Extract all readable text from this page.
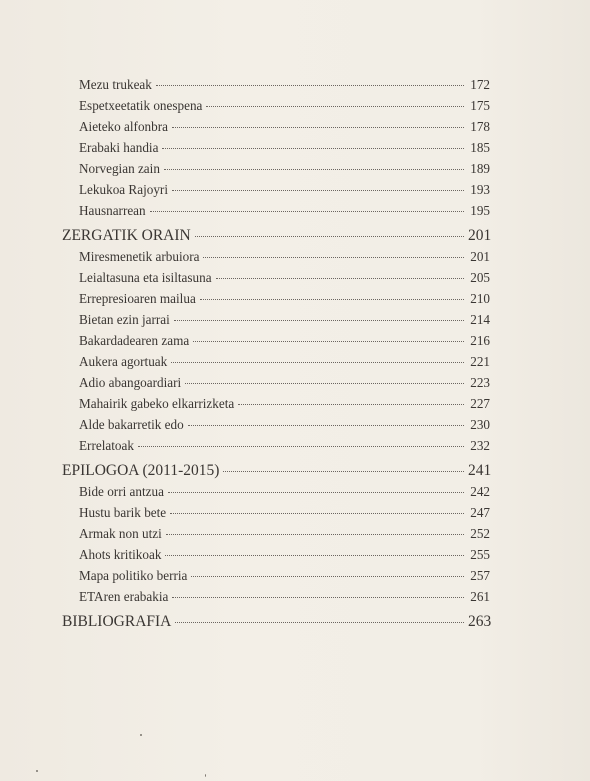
Mezu trukeak	172
Espetxeetatik onespena	175
Aieteko alfonbra	178
Erabaki handia	185
Norvegian zain	189
Lekukoa Rajoyri	193
Hausnarrean	195
ZERGATIK ORAIN	201
Miresmenetik arbuiora	201
Leialtasuna eta isiltasuna	205
Errepresioaren mailua	210
Bietan ezin jarrai	214
Bakardadearen zama	216
Aukera agortuak	221
Adio abangoardiari	223
Mahairik gabeko elkarrizketa	227
Alde bakarretik edo	230
Errelatoak	232
EPILOGOA (2011-2015)	241
Bide orri antzua	242
Hustu barik bete	247
Armak non utzi	252
Ahots kritikoak	255
Mapa politiko berria	257
ETAren erabakia	261
BIBLIOGRAFIA	263
